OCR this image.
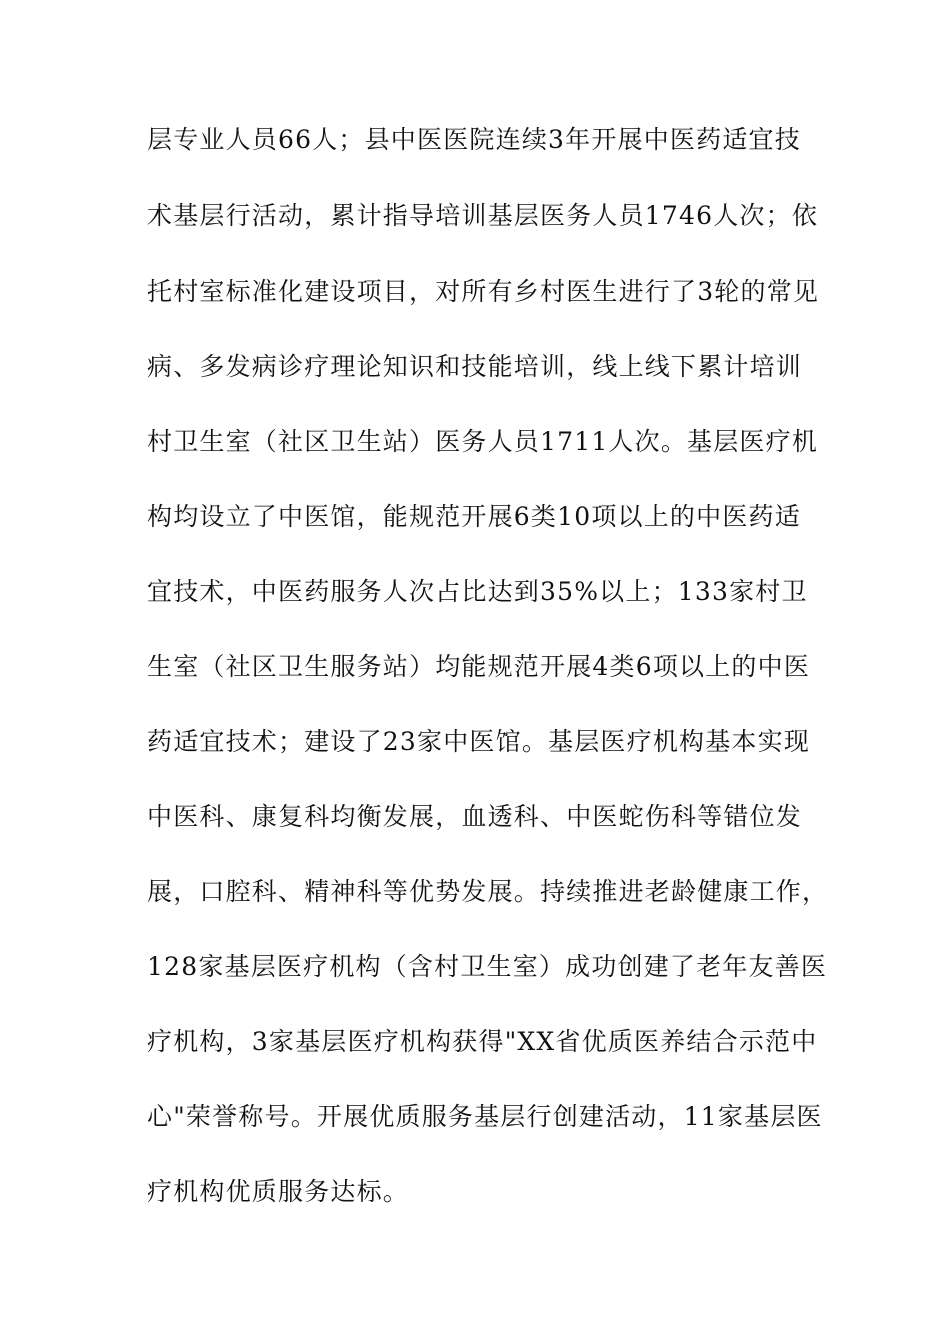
层专业人员66人；县中医医院连续3年开展中医药适宜技
术基层行活动，累计指导培训基层医务人员1746人次；依
托村室标准化建设项目，对所有乡村医生进行了3轮的常见
病、多发病诊疗理论知识和技能培训，线上线下累计培训
村卫生室（社区卫生站）医务人员1711人次。基层医疗机
构均设立了中医馆，能规范开展6类10项以上的中医药适
宜技术，中医药服务人次占比达到35%以上；133家村卫
生室（社区卫生服务站）均能规范开展4类6项以上的中医
药适宜技术；建设了23家中医馆。基层医疗机构基本实现
中医科、康复科均衡发展，血透科、中医蛇伤科等错位发
展，口腔科、精神科等优势发展。持续推进老龄健康工作，
128家基层医疗机构（含村卫生室）成功创建了老年友善医
疗机构，3家基层医疗机构获得"XX省优质医养结合示范中
心"荣誉称号。开展优质服务基层行创建活动，11家基层医
疗机构优质服务达标。
